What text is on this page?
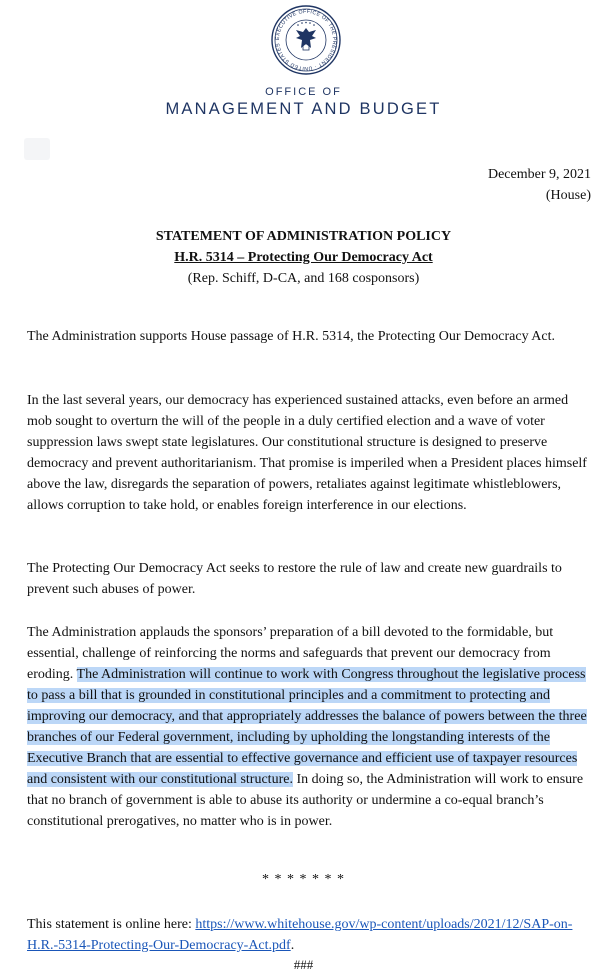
EXECUTIVE OFFICE OF THE PRESIDENT · UNITED STATES
OFFICE OF
MANAGEMENT AND BUDGET
December 9, 2021
(House)
STATEMENT OF ADMINISTRATION POLICY
H.R. 5314 – Protecting Our Democracy Act
(Rep. Schiff, D-CA, and 168 cosponsors)

The Administration supports House passage of H.R. 5314, the Protecting Our Democracy Act.

In the last several years, our democracy has experienced sustained attacks, even before an armed mob sought to overturn the will of the people in a duly certified election and a wave of voter suppression laws swept state legislatures. Our constitutional structure is designed to preserve democracy and prevent authoritarianism. That promise is imperiled when a President places himself above the law, disregards the separation of powers, retaliates against legitimate whistleblowers, allows corruption to take hold, or enables foreign interference in our elections.

The Protecting Our Democracy Act seeks to restore the rule of law and create new guardrails to prevent such abuses of power.

The Administration applauds the sponsors’ preparation of a bill devoted to the formidable, but essential, challenge of reinforcing the norms and safeguards that prevent our democracy from eroding. The Administration will continue to work with Congress throughout the legislative process to pass a bill that is grounded in constitutional principles and a commitment to protecting and improving our democracy, and that appropriately addresses the balance of powers between the three branches of our Federal government, including by upholding the longstanding interests of the Executive Branch that are essential to effective governance and efficient use of taxpayer resources and consistent with our constitutional structure. In doing so, the Administration will work to ensure that no branch of government is able to abuse its authority or undermine a co-equal branch’s constitutional prerogatives, no matter who is in power.

* * * * * * *

This statement is online here: https://www.whitehouse.gov/wp-content/uploads/2021/12/SAP-on-H.R.-5314-Protecting-Our-Democracy-Act.pdf.

###
